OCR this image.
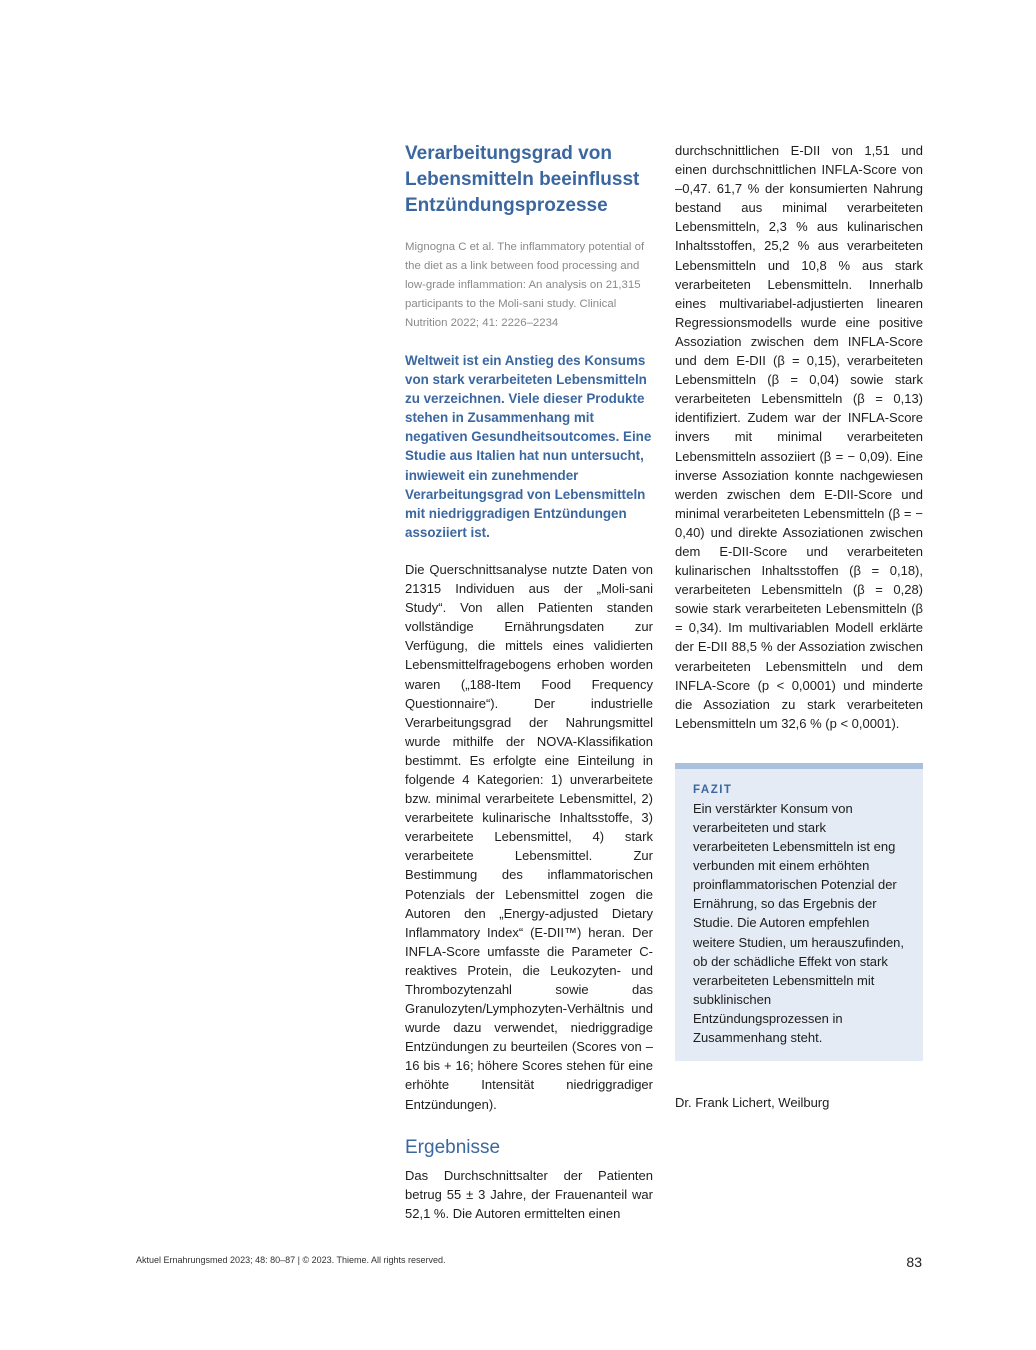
Verarbeitungsgrad von Lebensmitteln beeinflusst Entzündungsprozesse

Mignogna C et al. The inflammatory potential of the diet as a link between food processing and low-grade inflammation: An analysis on 21,315 participants to the Moli-sani study. Clinical Nutrition 2022; 41: 2226–2234

Weltweit ist ein Anstieg des Konsums von stark verarbeiteten Lebensmitteln zu verzeichnen. Viele dieser Produkte stehen in Zusammenhang mit negativen Gesundheitsoutcomes. Eine Studie aus Italien hat nun untersucht, inwieweit ein zunehmender Verarbeitungsgrad von Lebensmitteln mit niedriggradigen Entzündungen assoziiert ist.

Die Querschnittsanalyse nutzte Daten von 21315 Individuen aus der „Moli-sani Study“. Von allen Patienten standen vollständige Ernährungsdaten zur Verfügung, die mittels eines validierten Lebensmittelfragebogens erhoben worden waren („188-Item Food Frequency Questionnaire“). Der industrielle Verarbeitungsgrad der Nahrungsmittel wurde mithilfe der NOVA-Klassifikation bestimmt. Es erfolgte eine Einteilung in folgende 4 Kategorien: 1) unverarbeitete bzw. minimal verarbeitete Lebensmittel, 2) verarbeitete kulinarische Inhaltsstoffe, 3) verarbeitete Lebensmittel, 4) stark verarbeitete Lebensmittel. Zur Bestimmung des inflammatorischen Potenzials der Lebensmittel zogen die Autoren den „Energy-adjusted Dietary Inflammatory Index“ (E-DII™) heran. Der INFLA-Score umfasste die Parameter C-reaktives Protein, die Leukozyten- und Thrombozytenzahl sowie das Granulozyten/Lymphozyten-Verhältnis und wurde dazu verwendet, niedriggradige Entzündungen zu beurteilen (Scores von –16 bis + 16; höhere Scores stehen für eine erhöhte Intensität niedriggradiger Entzündungen).

Ergebnisse

Das Durchschnittsalter der Patienten betrug 55 ± 3 Jahre, der Frauenanteil war 52,1 %. Die Autoren ermittelten einen

durchschnittlichen E-DII von 1,51 und einen durchschnittlichen INFLA-Score von –0,47. 61,7 % der konsumierten Nahrung bestand aus minimal verarbeiteten Lebensmitteln, 2,3 % aus kulinarischen Inhaltsstoffen, 25,2 % aus verarbeiteten Lebensmitteln und 10,8 % aus stark verarbeiteten Lebensmitteln. Innerhalb eines multivariabel-adjustierten linearen Regressionsmodells wurde eine positive Assoziation zwischen dem INFLA-Score und dem E-DII (β = 0,15), verarbeiteten Lebensmitteln (β = 0,04) sowie stark verarbeiteten Lebensmitteln (β = 0,13) identifiziert. Zudem war der INFLA-Score invers mit minimal verarbeiteten Lebensmitteln assoziiert (β = − 0,09). Eine inverse Assoziation konnte nachgewiesen werden zwischen dem E-DII-Score und minimal verarbeiteten Lebensmitteln (β = − 0,40) und direkte Assoziationen zwischen dem E-DII-Score und verarbeiteten kulinarischen Inhaltsstoffen (β = 0,18), verarbeiteten Lebensmitteln (β = 0,28) sowie stark verarbeiteten Lebensmitteln (β = 0,34). Im multivariablen Modell erklärte der E-DII 88,5 % der Assoziation zwischen verarbeiteten Lebensmitteln und dem INFLA-Score (p < 0,0001) und minderte die Assoziation zu stark verarbeiteten Lebensmitteln um 32,6 % (p < 0,0001).

FAZIT

Ein verstärkter Konsum von verarbeiteten und stark verarbeiteten Lebensmitteln ist eng verbunden mit einem erhöhten proinflammatorischen Potenzial der Ernährung, so das Ergebnis der Studie. Die Autoren empfehlen weitere Studien, um herauszufinden, ob der schädliche Effekt von stark verarbeiteten Lebensmitteln mit subklinischen Entzündungsprozessen in Zusammenhang steht.

Dr. Frank Lichert, Weilburg

Aktuel Ernahrungsmed 2023; 48: 80–87 | © 2023. Thieme. All rights reserved.	83
